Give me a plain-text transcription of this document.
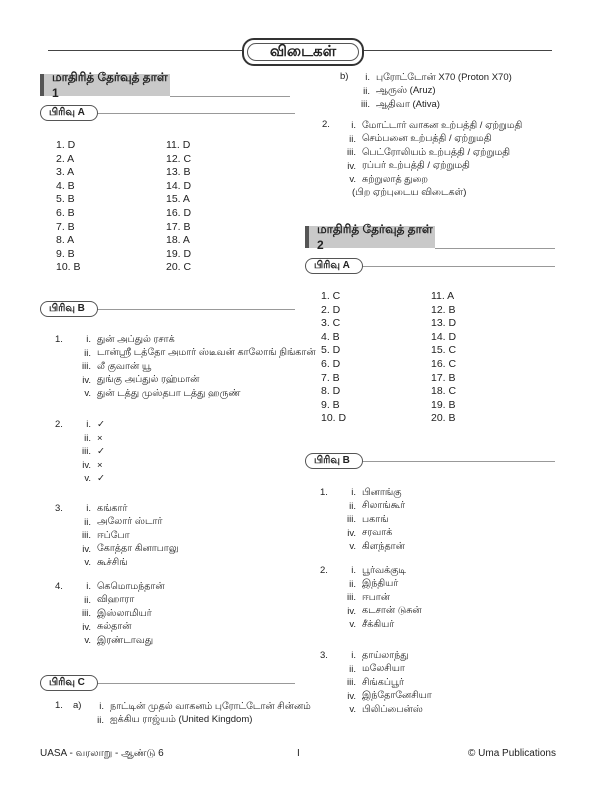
விடைகள்
மாதிரித் தேர்வுத் தாள் 1
பிரிவு A
1. D
2. A
3. A
4. B
5. B
6. B
7. B
8. A
9. B
10. B
11. D
12. C
13. B
14. D
15. A
16. D
17. B
18. A
19. D
20. C
பிரிவு B
1.	i. துன் அப்துல் ரசாக்
ii. டான்ஸ்ரீ டத்தோ அமார் ஸ்டீவன் காலோங் நிங்கான்
iii. லீ குவான் யூ
iv. துங்கு அப்துல் ரஹ்மான்
v. துன் டத்து முஸ்தபா டத்து ஹருண்
2.	i. ✓
ii. ×
iii. ✓
iv. ×
v. ✓
3.	i. கங்கார்
ii. அலோர் ஸ்டார்
iii. ஈப்போ
iv. கோத்தா கினாபாலு
v. கூச்சிங்
4.	i. கெமொமந்தான்
ii. விஹாரா
iii. இஸ்லாமியர்
iv. சுல்தான்
v. இரண்டாவது
பிரிவு C
1. a)	i. நாட்டின் முதல் வாகனம் புரோட்டோன் சின்னம்
ii. ஐக்கிய ராஜ்யம் (United Kingdom)
b)	i. புரோட்டோன் X70 (Proton X70)
ii. ஆருஸ் (Aruz)
iii. ஆதிவா (Ativa)
2.	i. மோட்டார் வாகன உற்பத்தி / ஏற்றுமதி
ii. செம்பனை உற்பத்தி / ஏற்றுமதி
iii. பெட்ரோலியம் உற்பத்தி / ஏற்றுமதி
iv. ரப்பர் உற்பத்தி / ஏற்றுமதி
v. சுற்றுலாத் துறை
(பிற ஏற்புடைய விடைகள்)
மாதிரித் தேர்வுத் தாள் 2
பிரிவு A
1. C
2. D
3. C
4. B
5. D
6. D
7. B
8. D
9. B
10. D
11. A
12. B
13. D
14. D
15. C
16. C
17. B
18. C
19. B
20. B
பிரிவு B
1.	i. பினாங்கு
ii. சிலாங்கூர்
iii. பகாங்
iv. சரவாக்
v. கிளந்தான்
2.	i. பூர்வக்குடி
ii. இந்தியர்
iii. ஈபான்
iv. கடசான் டுசுன்
v. சீக்கியர்
3.	i. தாய்லாந்து
ii. மலேசியா
iii. சிங்கப்பூர்
iv. இந்தோனேசியா
v. பிலிப்பைன்ஸ்
UASA - வரலாறு - ஆண்டு 6	I	© Uma Publications
